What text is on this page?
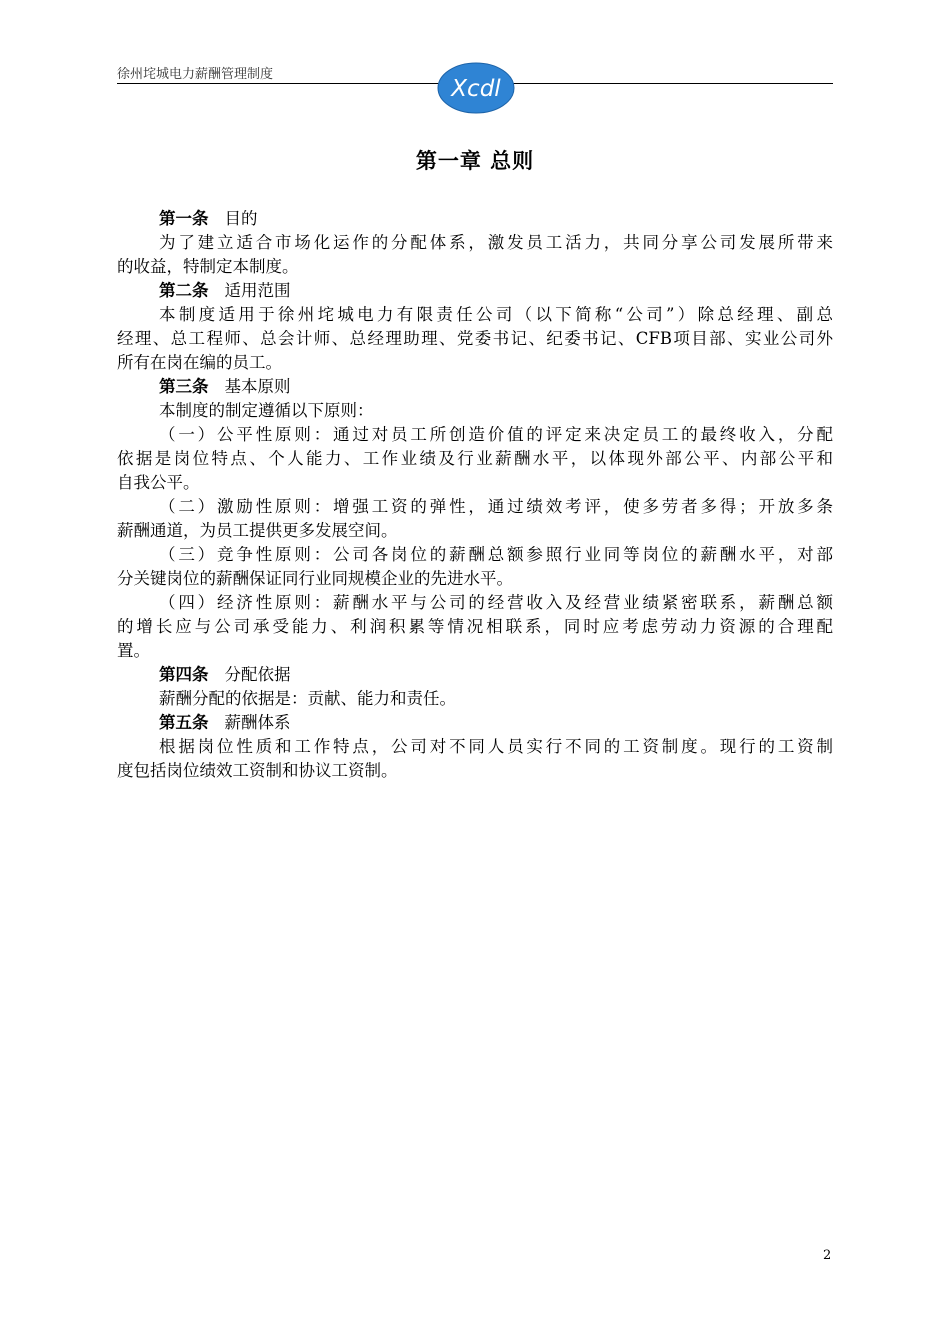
徐州垞城电力薪酬管理制度
Xcdl
第一章 总则
第一条 目的
为了建立适合市场化运作的分配体系，激发员工活力，共同分享公司发展所带来
的收益，特制定本制度。
第二条 适用范围
本制度适用于徐州垞城电力有限责任公司（以下简称“公司”）除总经理、副总
经理、总工程师、总会计师、总经理助理、党委书记、纪委书记、CFB项目部、实业公司外
所有在岗在编的员工。
第三条 基本原则
本制度的制定遵循以下原则：
（一）公平性原则：通过对员工所创造价值的评定来决定员工的最终收入，分配
依据是岗位特点、个人能力、工作业绩及行业薪酬水平，以体现外部公平、内部公平和
自我公平。
（二）激励性原则：增强工资的弹性，通过绩效考评，使多劳者多得；开放多条
薪酬通道，为员工提供更多发展空间。
（三）竞争性原则：公司各岗位的薪酬总额参照行业同等岗位的薪酬水平，对部
分关键岗位的薪酬保证同行业同规模企业的先进水平。
（四）经济性原则：薪酬水平与公司的经营收入及经营业绩紧密联系，薪酬总额
的增长应与公司承受能力、利润积累等情况相联系，同时应考虑劳动力资源的合理配
置。
第四条 分配依据
薪酬分配的依据是：贡献、能力和责任。
第五条 薪酬体系
根据岗位性质和工作特点，公司对不同人员实行不同的工资制度。现行的工资制
度包括岗位绩效工资制和协议工资制。
2
